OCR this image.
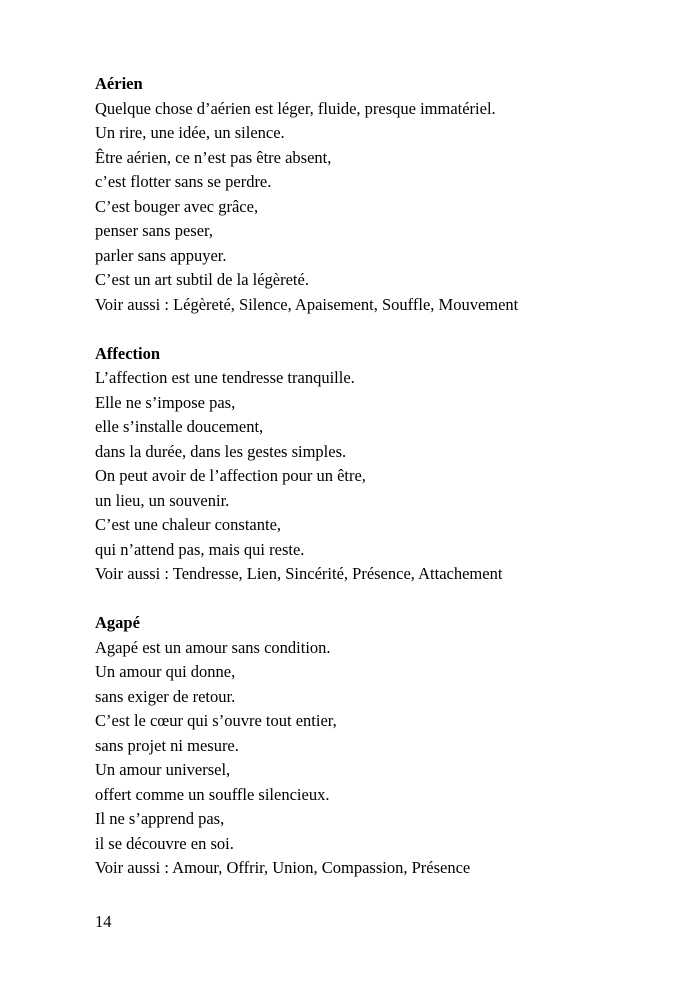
Aérien

Quelque chose d’aérien est léger, fluide, presque immatériel.

Un rire, une idée, un silence.

Être aérien, ce n’est pas être absent,

c’est flotter sans se perdre.

C’est bouger avec grâce,

penser sans peser,

parler sans appuyer.

C’est un art subtil de la légèreté.

Voir aussi : Légèreté, Silence, Apaisement, Souffle, Mouvement

Affection

L’affection est une tendresse tranquille.

Elle ne s’impose pas,

elle s’installe doucement,

dans la durée, dans les gestes simples.

On peut avoir de l’affection pour un être,

un lieu, un souvenir.

C’est une chaleur constante,

qui n’attend pas, mais qui reste.

Voir aussi : Tendresse, Lien, Sincérité, Présence, Attachement

Agapé

Agapé est un amour sans condition.

Un amour qui donne,

sans exiger de retour.

C’est le cœur qui s’ouvre tout entier,

sans projet ni mesure.

Un amour universel,

offert comme un souffle silencieux.

Il ne s’apprend pas,

il se découvre en soi.

Voir aussi : Amour, Offrir, Union, Compassion, Présence

14
